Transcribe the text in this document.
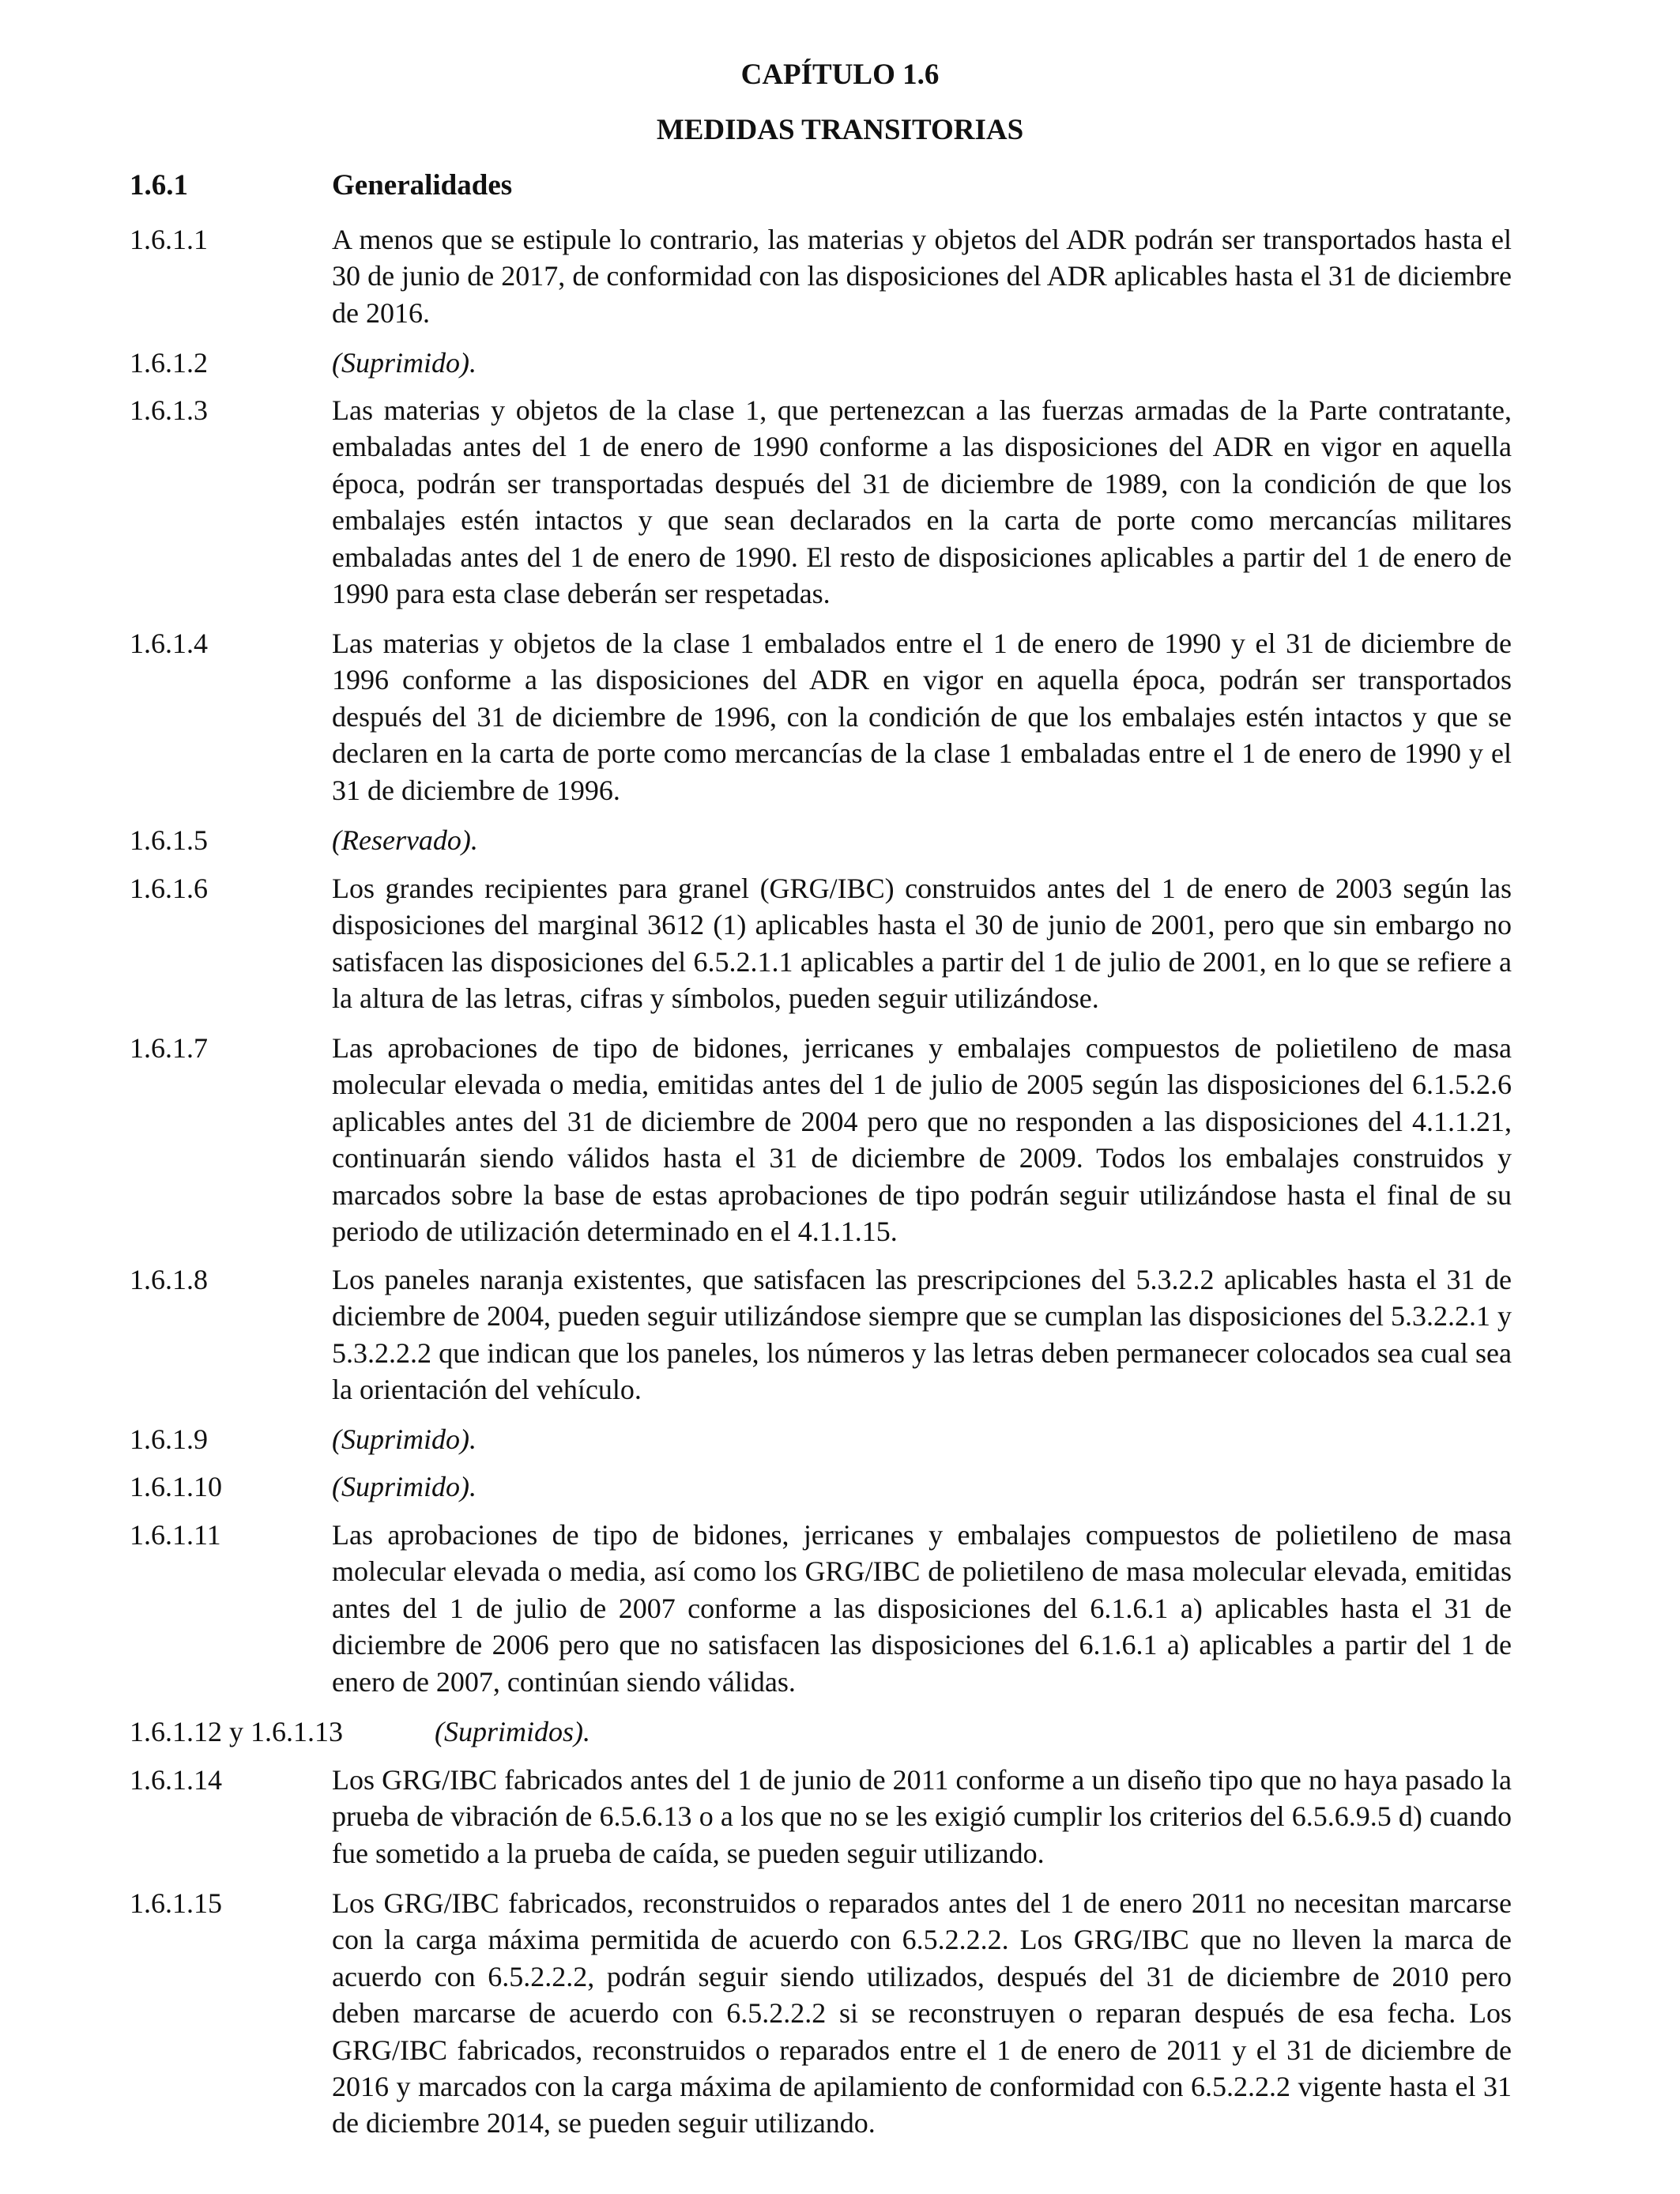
CAPÍTULO 1.6
MEDIDAS TRANSITORIAS
1.6.1	Generalidades
1.6.1.1	A menos que se estipule lo contrario, las materias y objetos del ADR podrán ser transportados hasta el 30 de junio de 2017, de conformidad con las disposiciones del ADR aplicables hasta el 31 de diciembre de 2016.
1.6.1.2	(Suprimido).
1.6.1.3	Las materias y objetos de la clase 1, que pertenezcan a las fuerzas armadas de la Parte contratante, embaladas antes del 1 de enero de 1990 conforme a las disposiciones del ADR en vigor en aquella época, podrán ser transportadas después del 31 de diciembre de 1989, con la condición de que los embalajes estén intactos y que sean declarados en la carta de porte como mercancías militares embaladas antes del 1 de enero de 1990. El resto de disposiciones aplicables a partir del 1 de enero de 1990 para esta clase deberán ser respetadas.
1.6.1.4	Las materias y objetos de la clase 1 embalados entre el 1 de enero de 1990 y el 31 de diciembre de 1996 conforme a las disposiciones del ADR en vigor en aquella época, podrán ser transportados después del 31 de diciembre de 1996, con la condición de que los embalajes estén intactos y que se declaren en la carta de porte como mercancías de la clase 1 embaladas entre el 1 de enero de 1990 y el 31 de diciembre de 1996.
1.6.1.5	(Reservado).
1.6.1.6	Los grandes recipientes para granel (GRG/IBC) construidos antes del 1 de enero de 2003 según las disposiciones del marginal 3612 (1) aplicables hasta el 30 de junio de 2001, pero que sin embargo no satisfacen las disposiciones del 6.5.2.1.1 aplicables a partir del 1 de julio de 2001, en lo que se refiere a la altura de las letras, cifras y símbolos, pueden seguir utilizándose.
1.6.1.7	Las aprobaciones de tipo de bidones, jerricanes y embalajes compuestos de polietileno de masa molecular elevada o media, emitidas antes del 1 de julio de 2005 según las disposiciones del 6.1.5.2.6 aplicables antes del 31 de diciembre de 2004 pero que no responden a las disposiciones del 4.1.1.21, continuarán siendo válidos hasta el 31 de diciembre de 2009. Todos los embalajes construidos y marcados sobre la base de estas aprobaciones de tipo podrán seguir utilizándose hasta el final de su periodo de utilización determinado en el 4.1.1.15.
1.6.1.8	Los paneles naranja existentes, que satisfacen las prescripciones del 5.3.2.2 aplicables hasta el 31 de diciembre de 2004, pueden seguir utilizándose siempre que se cumplan las disposiciones del 5.3.2.2.1 y 5.3.2.2.2 que indican que los paneles, los números y las letras deben permanecer colocados sea cual sea la orientación del vehículo.
1.6.1.9	(Suprimido).
1.6.1.10	(Suprimido).
1.6.1.11	Las aprobaciones de tipo de bidones, jerricanes y embalajes compuestos de polietileno de masa molecular elevada o media, así como los GRG/IBC de polietileno de masa molecular elevada, emitidas antes del 1 de julio de 2007 conforme a las disposiciones del 6.1.6.1 a) aplicables hasta el 31 de diciembre de 2006 pero que no satisfacen las disposiciones del 6.1.6.1 a) aplicables a partir del 1 de enero de 2007, continúan siendo válidas.
1.6.1.12 y 1.6.1.13	(Suprimidos).
1.6.1.14	Los GRG/IBC fabricados antes del 1 de junio de 2011 conforme a un diseño tipo que no haya pasado la prueba de vibración de 6.5.6.13 o a los que no se les exigió cumplir los criterios del 6.5.6.9.5 d) cuando fue sometido a la prueba de caída, se pueden seguir utilizando.
1.6.1.15	Los GRG/IBC fabricados, reconstruidos o reparados antes del 1 de enero 2011 no necesitan marcarse con la carga máxima permitida de acuerdo con 6.5.2.2.2. Los GRG/IBC que no lleven la marca de acuerdo con 6.5.2.2.2, podrán seguir siendo utilizados, después del 31 de diciembre de 2010 pero deben marcarse de acuerdo con 6.5.2.2.2 si se reconstruyen o reparan después de esa fecha. Los GRG/IBC fabricados, reconstruidos o reparados entre el 1 de enero de 2011 y el 31 de diciembre de 2016 y marcados con la carga máxima de apilamiento de conformidad con 6.5.2.2.2 vigente hasta el 31 de diciembre 2014, se pueden seguir utilizando.
